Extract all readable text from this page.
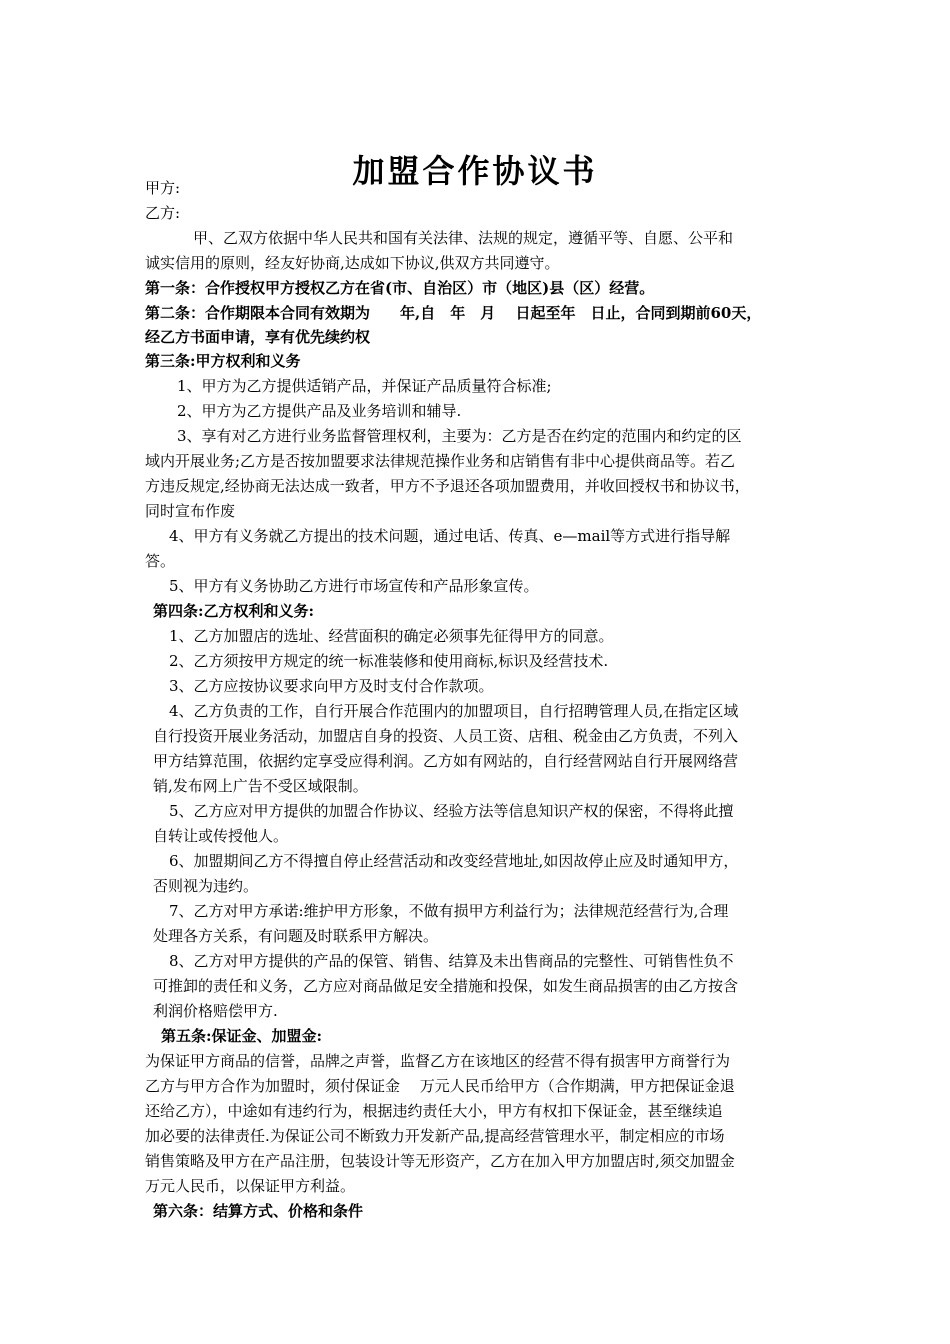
加盟合作协议书

甲方:

乙方:

甲、乙双方依据中华人民共和国有关法律、法规的规定，遵循平等、自愿、公平和

诚实信用的原则，经友好协商,达成如下协议,供双方共同遵守。

第一条：合作授权甲方授权乙方在省(市、自治区）市（地区)县（区）经营。

第二条：合作期限本合同有效期为　　年,自　年　月　 日起至年　日止，合同到期前60天，

经乙方书面申请，享有优先续约权

第三条:甲方权利和义务

1、甲方为乙方提供适销产品，并保证产品质量符合标准;

2、甲方为乙方提供产品及业务培训和辅导.

3、享有对乙方进行业务监督管理权利，主要为：乙方是否在约定的范围内和约定的区

域内开展业务;乙方是否按加盟要求法律规范操作业务和店销售有非中心提供商品等。若乙

方违反规定,经协商无法达成一致者，甲方不予退还各项加盟费用，并收回授权书和协议书，

同时宣布作废

4、甲方有义务就乙方提出的技术问题，通过电话、传真、e—mail等方式进行指导解

答。

5、甲方有义务协助乙方进行市场宣传和产品形象宣传。

第四条:乙方权利和义务:

1、乙方加盟店的选址、经营面积的确定必须事先征得甲方的同意。

2、乙方须按甲方规定的统一标准装修和使用商标,标识及经营技术.

3、乙方应按协议要求向甲方及时支付合作款项。

4、乙方负责的工作，自行开展合作范围内的加盟项目，自行招聘管理人员,在指定区域

自行投资开展业务活动，加盟店自身的投资、人员工资、店租、税金由乙方负责，不列入

甲方结算范围，依据约定享受应得利润。乙方如有网站的，自行经营网站自行开展网络营

销,发布网上广告不受区域限制。

5、乙方应对甲方提供的加盟合作协议、经验方法等信息知识产权的保密，不得将此擅

自转让或传授他人。

6、加盟期间乙方不得擅自停止经营活动和改变经营地址,如因故停止应及时通知甲方，

否则视为违约。

7、乙方对甲方承诺:维护甲方形象，不做有损甲方利益行为；法律规范经营行为,合理

处理各方关系，有问题及时联系甲方解决。

8、乙方对甲方提供的产品的保管、销售、结算及未出售商品的完整性、可销售性负不

可推卸的责任和义务，乙方应对商品做足安全措施和投保，如发生商品损害的由乙方按含

利润价格赔偿甲方.

第五条:保证金、加盟金:

为保证甲方商品的信誉，品牌之声誉，监督乙方在该地区的经营不得有损害甲方商誉行为

乙方与甲方合作为加盟时，须付保证金　 万元人民币给甲方（合作期满，甲方把保证金退

还给乙方），中途如有违约行为，根据违约责任大小，甲方有权扣下保证金，甚至继续追

加必要的法律责任.为保证公司不断致力开发新产品,提高经营管理水平，制定相应的市场

销售策略及甲方在产品注册，包装设计等无形资产，乙方在加入甲方加盟店时,须交加盟金

万元人民币，以保证甲方利益。

第六条：结算方式、价格和条件
